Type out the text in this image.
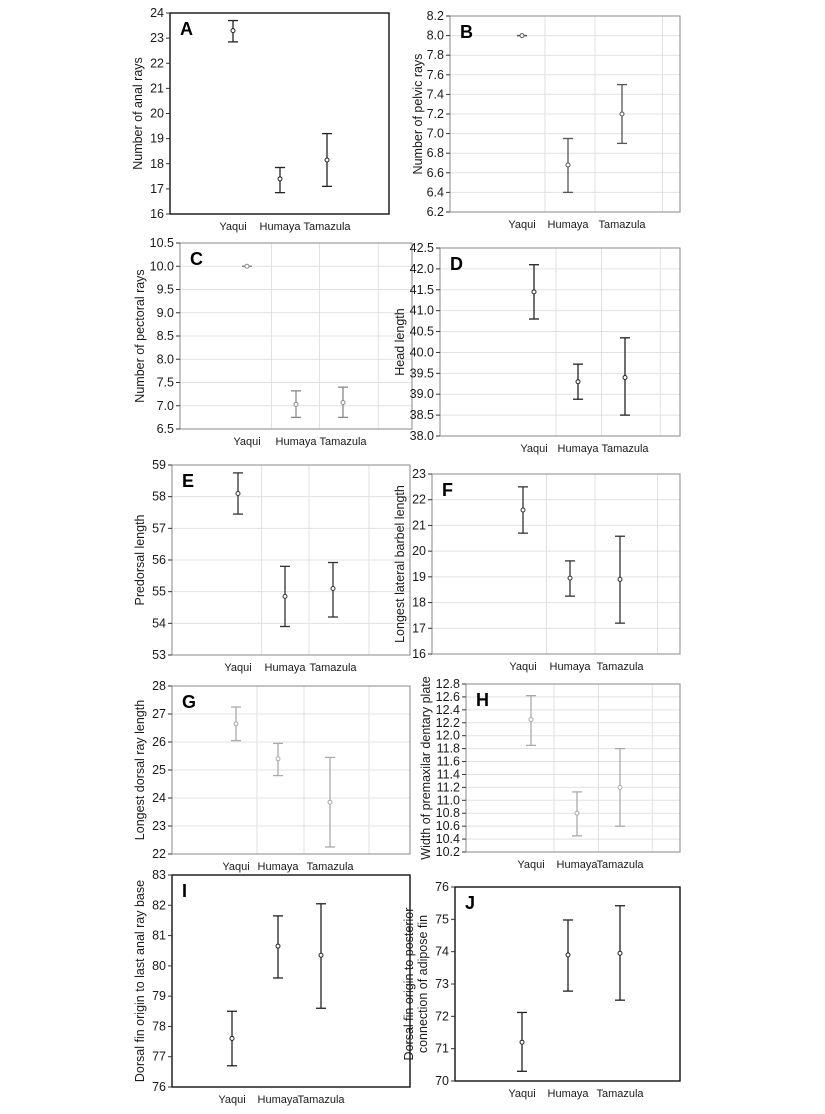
24
23
22
21
20
19
18
17
16
Yaqui Humaya Tamazula
Number of anal rays
A
8.2
8.0
7.8
7.6
7.4
7.2
7.0
6.8
6.6
6.4
6.2
Yaqui Humaya Tamazula
Number of pelvic rays
B
10.5
10.0
9.5
9.0
8.5
8.0
7.5
7.0
6.5
Yaqui Humaya Tamazula
Number of pectoral rays
C
42.5
42.0
41.5
41.0
40.5
40.0
39.5
39.0
38.5
38.0
Yaqui Humaya Tamazula
Head length
D
59
58
57
56
55
54
53
Yaqui Humaya Tamazula
Predorsal length
E	23
22
21
20
19
18
17
16
Yaqui Humaya Tamazula
Longest lateral barbel length F
28
27
26
25
24
23
22
Yaqui Humaya Tamazula
Longest dorsal ray length G
12.8
12.6
12.4
12.2
12.0
11.8
11.6
11.4
11.2
11.0
10.8
10.6
10.4
10.2
Yaqui Humaya
Tamazula
Width of premaxilar dentary plate H
83
82
81
80
79
78
77
76
Yaqui Humaya
Tamazula
Dorsal fin origin to last anal ray base I	76
75
74
73
72
71
70
Yaqui Humaya Tamazula
Dorsal fin origin to posterior connection of adipose fin
J
